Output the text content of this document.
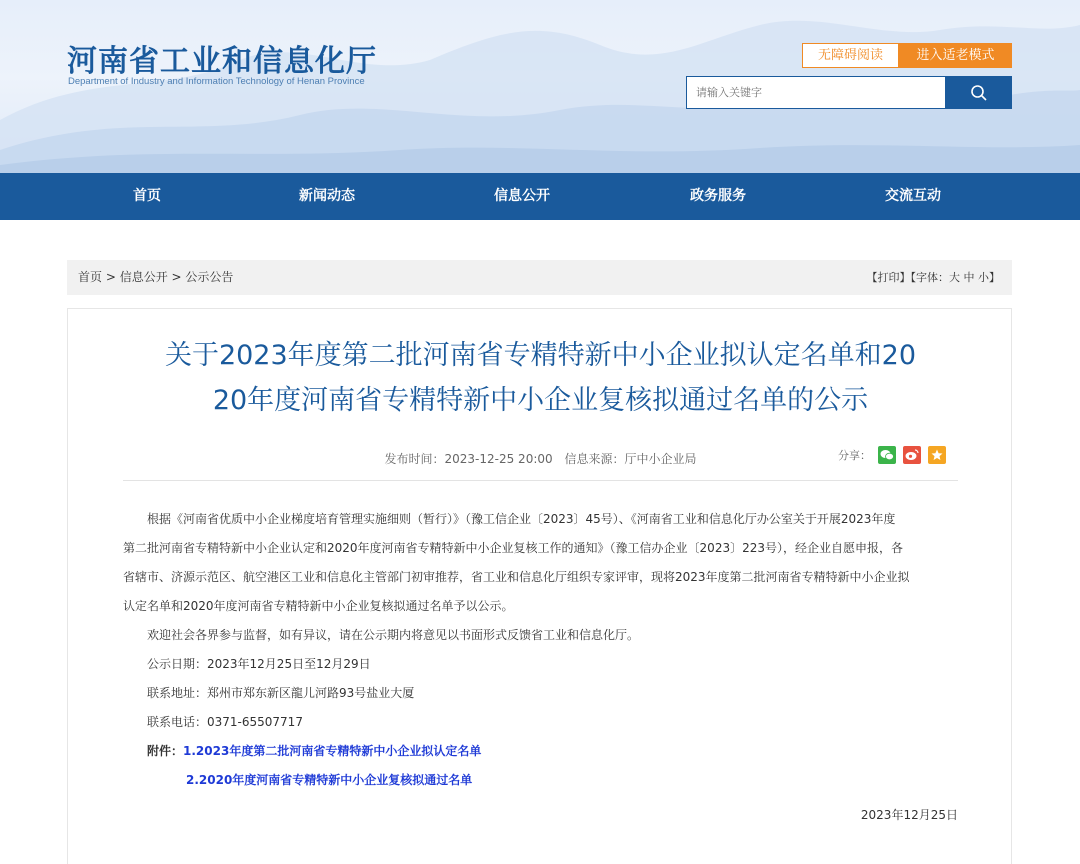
河南省工业和信息化厅
Department of Industry and Information Technology of Henan Province
无障碍阅读	进入适老模式
请输入关键字
首页	新闻动态	信息公开	政务服务	交流互动
首页 > 信息公开 > 公示公告	【打印】【字体：大 中 小】
关于2023年度第二批河南省专精特新中小企业拟认定名单和20
20年度河南省专精特新中小企业复核拟通过名单的公示
发布时间：2023-12-25 20:00 信息来源：厅中小企业局	分享：
根据《河南省优质中小企业梯度培育管理实施细则（暂行）》（豫工信企业〔2023〕45号）、《河南省工业和信息化厅办公室关于开展2023年度
第二批河南省专精特新中小企业认定和2020年度河南省专精特新中小企业复核工作的通知》（豫工信办企业〔2023〕223号），经企业自愿申报，各
省辖市、济源示范区、航空港区工业和信息化主管部门初审推荐，省工业和信息化厅组织专家评审，现将2023年度第二批河南省专精特新中小企业拟
认定名单和2020年度河南省专精特新中小企业复核拟通过名单予以公示。
欢迎社会各界参与监督，如有异议，请在公示期内将意见以书面形式反馈省工业和信息化厅。
公示日期：2023年12月25日至12月29日
联系地址：郑州市郑东新区龍儿河路93号盐业大厦
联系电话：0371-65507717
附件：1.2023年度第二批河南省专精特新中小企业拟认定名单
2.2020年度河南省专精特新中小企业复核拟通过名单
2023年12月25日
